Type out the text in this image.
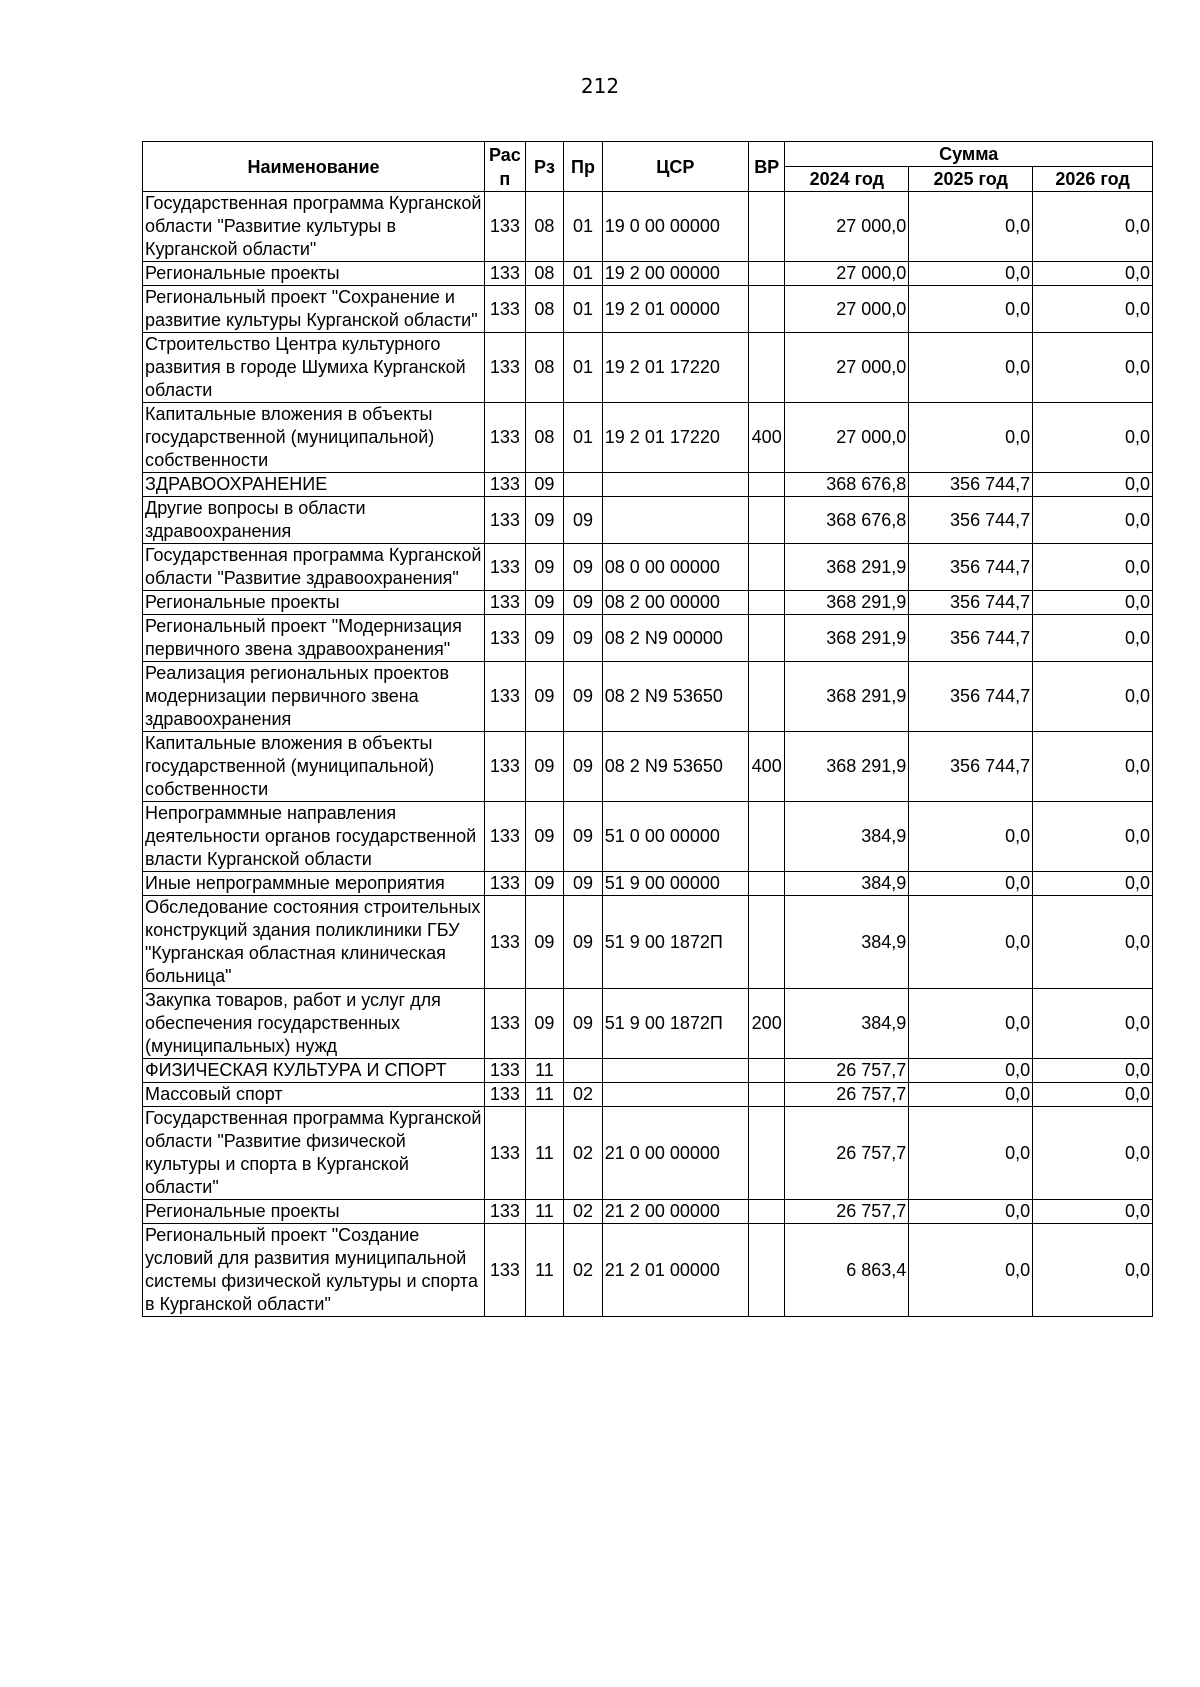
212
Наименование	Рас п	Рз	Пр	ЦСР	ВР	Сумма		
						2024 год	2025 год	2026 год
Государственная программа Курганской области "Развитие культуры в Курганской области"	133	08	01	19 0 00 00000		27 000,0	0,0	0,0
Региональные проекты	133	08	01	19 2 00 00000		27 000,0	0,0	0,0
Региональный проект "Сохранение и развитие культуры Курганской области"	133	08	01	19 2 01 00000		27 000,0	0,0	0,0
Строительство Центра культурного развития в городе Шумиха Курганской области	133	08	01	19 2 01 17220		27 000,0	0,0	0,0
Капитальные вложения в объекты государственной (муниципальной) собственности	133	08	01	19 2 01 17220	400	27 000,0	0,0	0,0
ЗДРАВООХРАНЕНИЕ	133	09				368 676,8	356 744,7	0,0
Другие вопросы в области здравоохранения	133	09	09			368 676,8	356 744,7	0,0
Государственная программа Курганской области "Развитие здравоохранения"	133	09	09	08 0 00 00000		368 291,9	356 744,7	0,0
Региональные проекты	133	09	09	08 2 00 00000		368 291,9	356 744,7	0,0
Региональный проект "Модернизация первичного звена здравоохранения"	133	09	09	08 2 N9 00000		368 291,9	356 744,7	0,0
Реализация региональных проектов модернизации первичного звена здравоохранения	133	09	09	08 2 N9 53650		368 291,9	356 744,7	0,0
Капитальные вложения в объекты государственной (муниципальной) собственности	133	09	09	08 2 N9 53650	400	368 291,9	356 744,7	0,0
Непрограммные направления деятельности органов государственной власти Курганской области	133	09	09	51 0 00 00000		384,9	0,0	0,0
Иные непрограммные мероприятия	133	09	09	51 9 00 00000		384,9	0,0	0,0
Обследование состояния строительных конструкций здания поликлиники ГБУ "Курганская областная клиническая больница"	133	09	09	51 9 00 1872П		384,9	0,0	0,0
Закупка товаров, работ и услуг для обеспечения государственных (муниципальных) нужд	133	09	09	51 9 00 1872П	200	384,9	0,0	0,0
ФИЗИЧЕСКАЯ КУЛЬТУРА И СПОРТ	133	11				26 757,7	0,0	0,0
Массовый спорт	133	11	02			26 757,7	0,0	0,0
Государственная программа Курганской области "Развитие физической культуры и спорта в Курганской области"	133	11	02	21 0 00 00000		26 757,7	0,0	0,0
Региональные проекты	133	11	02	21 2 00 00000		26 757,7	0,0	0,0
Региональный проект "Создание условий для развития муниципальной системы физической культуры и спорта в Курганской области"	133	11	02	21 2 01 00000		6 863,4	0,0	0,0
